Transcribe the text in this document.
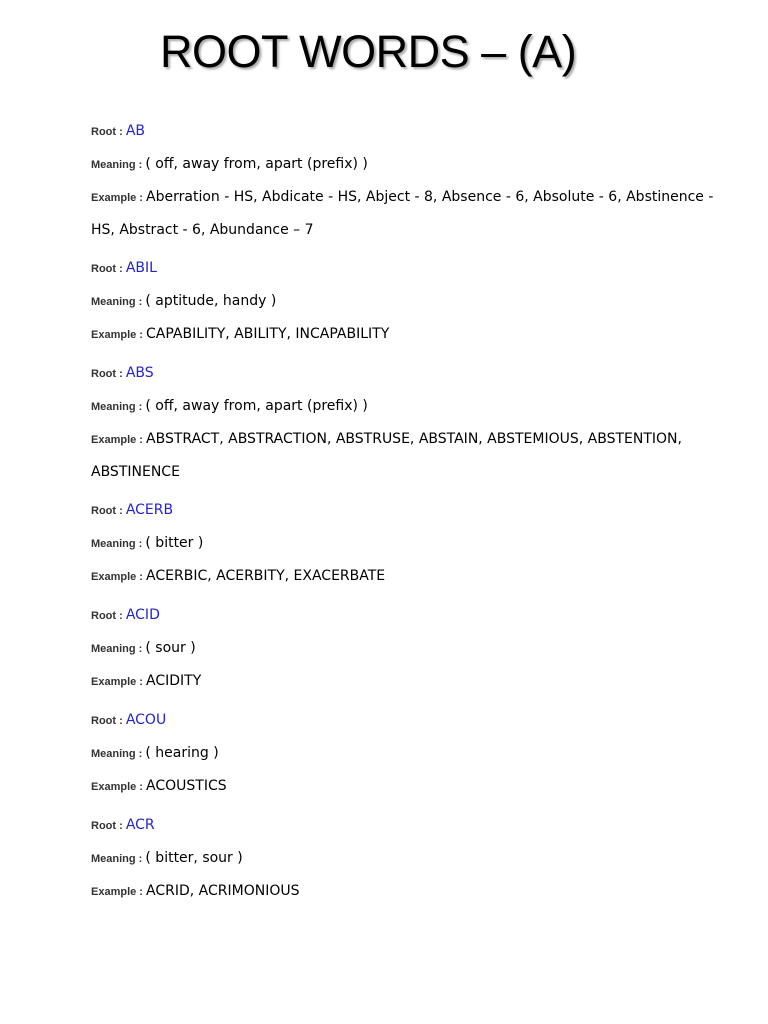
ROOT WORDS – (A)
Root : AB
Meaning : ( off, away from, apart (prefix) )
Example : Aberration - HS, Abdicate - HS, Abject - 8, Absence - 6, Absolute - 6, Abstinence - HS, Abstract - 6, Abundance – 7
Root : ABIL
Meaning : ( aptitude, handy )
Example : CAPABILITY, ABILITY, INCAPABILITY
Root : ABS
Meaning : ( off, away from, apart (prefix) )
Example : ABSTRACT, ABSTRACTION, ABSTRUSE, ABSTAIN, ABSTEMIOUS, ABSTENTION, ABSTINENCE
Root : ACERB
Meaning : ( bitter )
Example : ACERBIC, ACERBITY, EXACERBATE
Root : ACID
Meaning : ( sour )
Example : ACIDITY
Root : ACOU
Meaning : ( hearing )
Example : ACOUSTICS
Root : ACR
Meaning : ( bitter, sour )
Example : ACRID, ACRIMONIOUS
